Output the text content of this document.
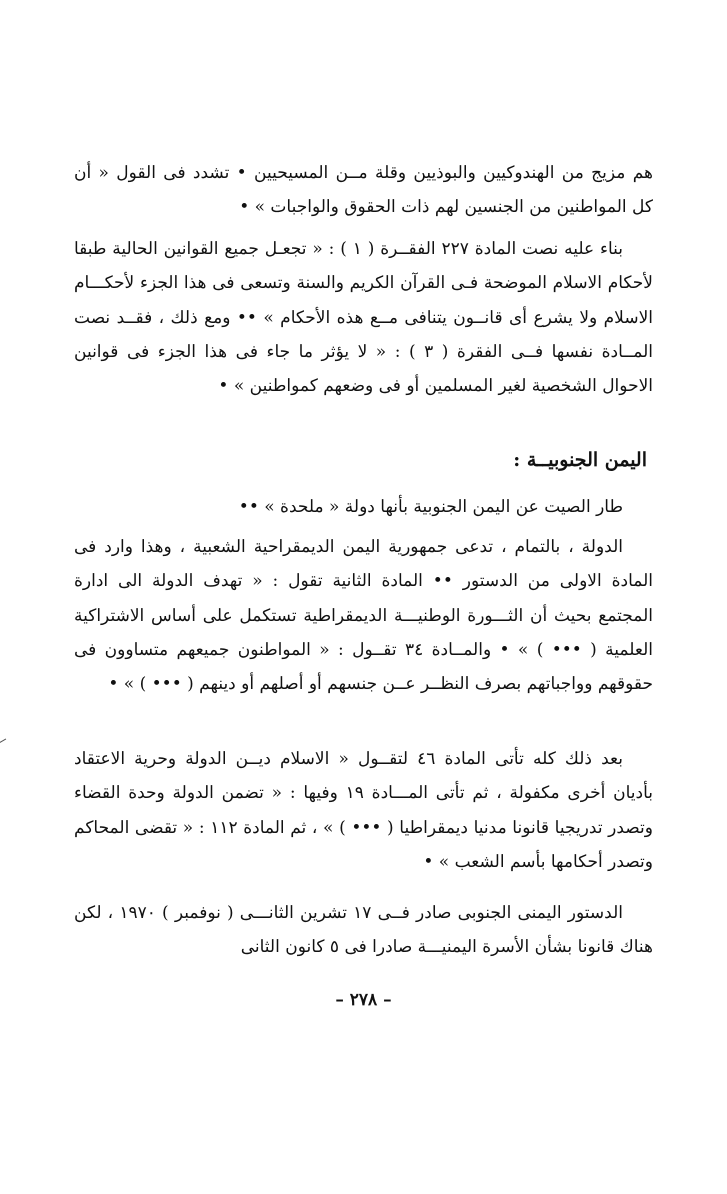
هم مزيج من الهندوكيين والبوذيين وقلة مــن المسيحيين • تشدد فى القول « أن كل المواطنين من الجنسين لهم ذات الحقوق والواجبات » •

بناء عليه نصت المادة ٢٢٧ الفقــرة ( ١ ) : « تجعـل جميع القوانين الحالية طبقا لأحكام الاسلام الموضحة فـى القرآن الكريم والسنة وتسعى فى هذا الجزء لأحكـــام الاسلام ولا يشرع أى قانــون يتنافى مــع هذه الأحكام » •• ومع ذلك ، فقــد نصت المــادة نفسها فــى الفقرة ( ٣ ) : « لا يؤثر ما جاء فى هذا الجزء فى قوانين الاحوال الشخصية لغير المسلمين أو فى وضعهم كمواطنين » •

اليمن الجنوبيــة :

طار الصيت عن اليمن الجنوبية بأنها دولة « ملحدة » ••

الدولة ، بالتمام ، تدعى جمهورية اليمن الديمقراحية الشعبية ، وهذا وارد فى المادة الاولى من الدستور •• المادة الثانية تقول : « تهدف الدولة الى ادارة المجتمع بحيث أن الثـــورة الوطنيـــة الديمقراطية تستكمل على أساس الاشتراكية العلمية ( ••• ) » • والمــادة ٣٤ تقــول : « المواطنون جميعهم متساوون فى حقوقهم وواجباتهم بصرف النظــر عــن جنسهم أو أصلهم أو دينهم ( ••• ) » •

بعد ذلك كله تأتى المادة ٤٦ لتقــول « الاسلام ديــن الدولة وحرية الاعتقاد بأديان أخرى مكفولة ، ثم تأتى المـــادة ١٩ وفيها : « تضمن الدولة وحدة القضاء وتصدر تدريجيا قانونا مدنيا ديمقراطيا ( ••• ) » ، ثم المادة ١١٢ : « تقضى المحاكم وتصدر أحكامها بأسم الشعب » •

الدستور اليمنى الجنوبى صادر فــى ١٧ تشرين الثانـــى ( نوفمبر ) ١٩٧٠ ، لكن هناك قانونا بشأن الأسرة اليمنيـــة صادرا فى ٥ كانون الثانى

– ٢٧٨ –
